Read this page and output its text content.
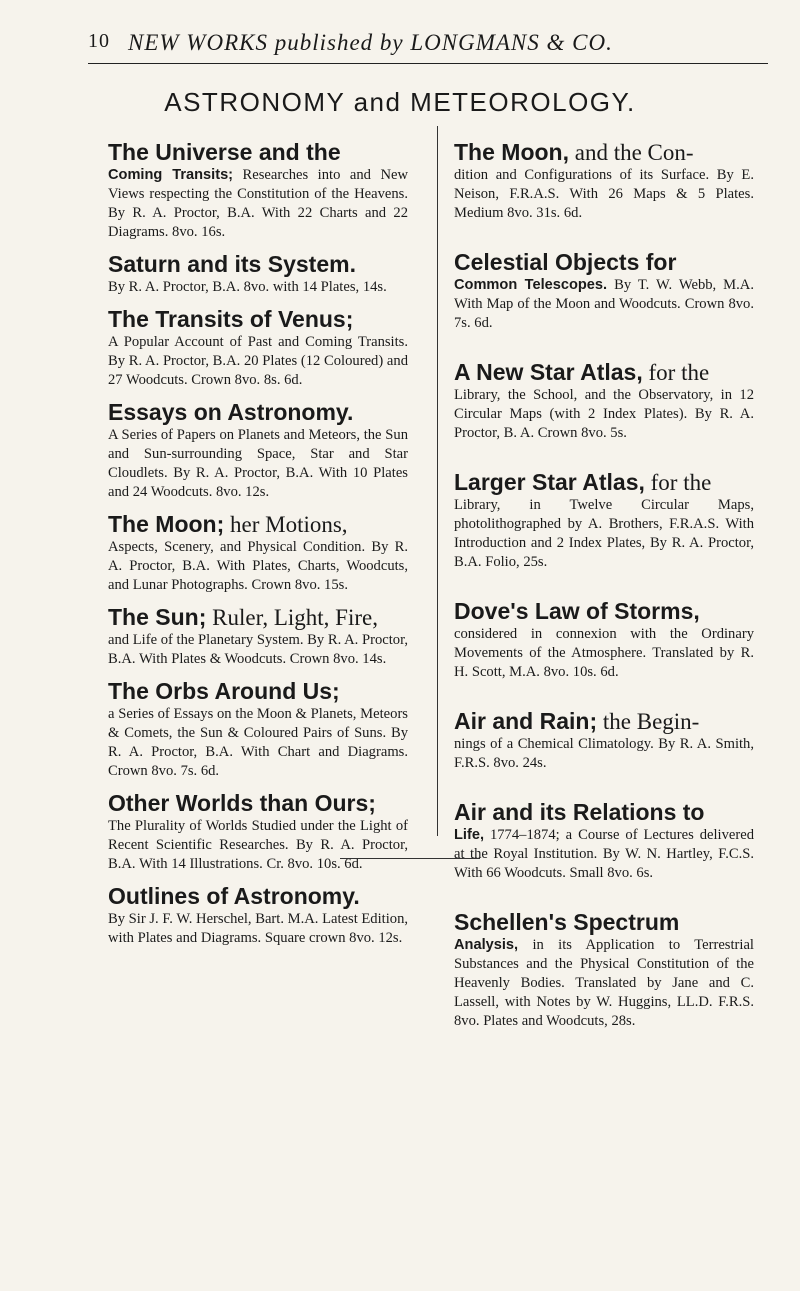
10 NEW WORKS published by LONGMANS & CO.
ASTRONOMY and METEOROLOGY.
The Universe and the
Coming Transits; Researches into and New Views respecting the Constitution of the Heavens. By R. A. Proctor, B.A. With 22 Charts and 22 Diagrams. 8vo. 16s.
Saturn and its System.
By R. A. Proctor, B.A. 8vo. with 14 Plates, 14s.
The Transits of Venus;
A Popular Account of Past and Coming Transits. By R. A. Proctor, B.A. 20 Plates (12 Coloured) and 27 Woodcuts. Crown 8vo. 8s. 6d.
Essays on Astronomy.
A Series of Papers on Planets and Meteors, the Sun and Sun-surrounding Space, Star and Star Cloudlets. By R. A. Proctor, B.A. With 10 Plates and 24 Woodcuts. 8vo. 12s.
The Moon; her Motions,
Aspects, Scenery, and Physical Condition. By R. A. Proctor, B.A. With Plates, Charts, Woodcuts, and Lunar Photographs. Crown 8vo. 15s.
The Sun; Ruler, Light, Fire,
and Life of the Planetary System. By R. A. Proctor, B.A. With Plates & Woodcuts. Crown 8vo. 14s.
The Orbs Around Us;
a Series of Essays on the Moon & Planets, Meteors & Comets, the Sun & Coloured Pairs of Suns. By R. A. Proctor, B.A. With Chart and Diagrams. Crown 8vo. 7s. 6d.
Other Worlds than Ours;
The Plurality of Worlds Studied under the Light of Recent Scientific Researches. By R. A. Proctor, B.A. With 14 Illustrations. Cr. 8vo. 10s. 6d.
Outlines of Astronomy.
By Sir J. F. W. Herschel, Bart. M.A. Latest Edition, with Plates and Diagrams. Square crown 8vo. 12s.
The Moon, and the Con-
dition and Configurations of its Surface. By E. Neison, F.R.A.S. With 26 Maps & 5 Plates. Medium 8vo. 31s. 6d.
Celestial Objects for
Common Telescopes. By T. W. Webb, M.A. With Map of the Moon and Woodcuts. Crown 8vo. 7s. 6d.
A New Star Atlas, for the
Library, the School, and the Observatory, in 12 Circular Maps (with 2 Index Plates). By R. A. Proctor, B. A. Crown 8vo. 5s.
Larger Star Atlas, for the
Library, in Twelve Circular Maps, photolithographed by A. Brothers, F.R.A.S. With Introduction and 2 Index Plates, By R. A. Proctor, B.A. Folio, 25s.
Dove's Law of Storms,
considered in connexion with the Ordinary Movements of the Atmosphere. Translated by R. H. Scott, M.A. 8vo. 10s. 6d.
Air and Rain; the Begin-
nings of a Chemical Climatology. By R. A. Smith, F.R.S. 8vo. 24s.
Air and its Relations to
Life, 1774–1874; a Course of Lectures delivered at the Royal Institution. By W. N. Hartley, F.C.S. With 66 Woodcuts. Small 8vo. 6s.
Schellen's Spectrum
Analysis, in its Application to Terrestrial Substances and the Physical Constitution of the Heavenly Bodies. Translated by Jane and C. Lassell, with Notes by W. Huggins, LL.D. F.R.S. 8vo. Plates and Woodcuts, 28s.
